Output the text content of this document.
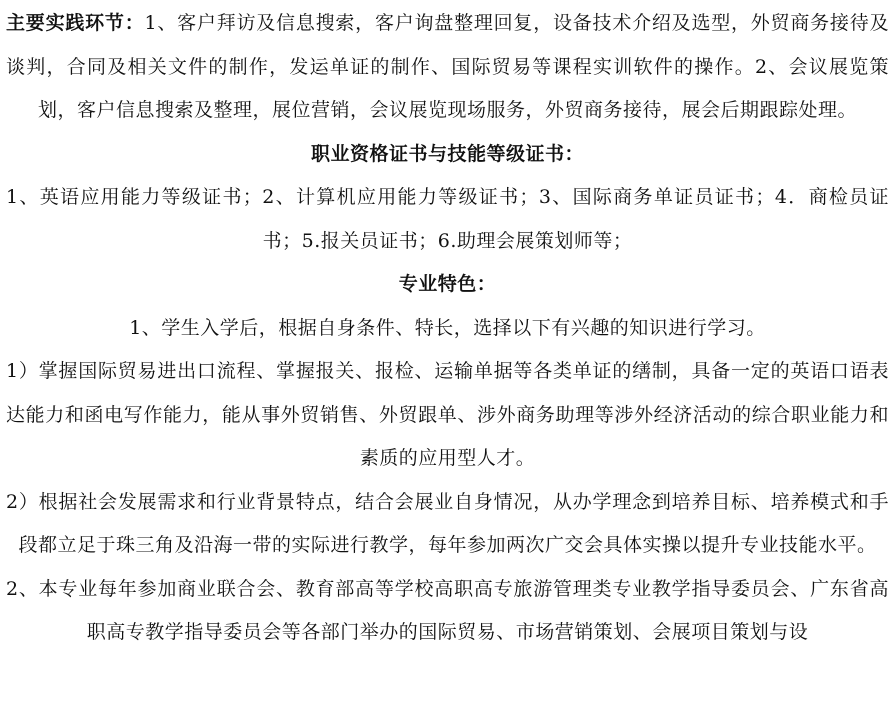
主要实践环节：1、客户拜访及信息搜索，客户询盘整理回复，设备技术介绍及选型，外贸商务接待及谈判，合同及相关文件的制作，发运单证的制作、国际贸易等课程实训软件的操作。2、会议展览策划，客户信息搜索及整理，展位营销，会议展览现场服务，外贸商务接待，展会后期跟踪处理。

职业资格证书与技能等级证书：

1、英语应用能力等级证书；2、计算机应用能力等级证书；3、国际商务单证员证书；4．商检员证书；5.报关员证书；6.助理会展策划师等；

专业特色：

1、学生入学后，根据自身条件、特长，选择以下有兴趣的知识进行学习。

1）掌握国际贸易进出口流程、掌握报关、报检、运输单据等各类单证的缮制，具备一定的英语口语表达能力和函电写作能力，能从事外贸销售、外贸跟单、涉外商务助理等涉外经济活动的综合职业能力和素质的应用型人才。

2）根据社会发展需求和行业背景特点，结合会展业自身情况，从办学理念到培养目标、培养模式和手段都立足于珠三角及沿海一带的实际进行教学，每年参加两次广交会具体实操以提升专业技能水平。

2、本专业每年参加商业联合会、教育部高等学校高职高专旅游管理类专业教学指导委员会、广东省高职高专教学指导委员会等各部门举办的国际贸易、市场营销策划、会展项目策划与设
